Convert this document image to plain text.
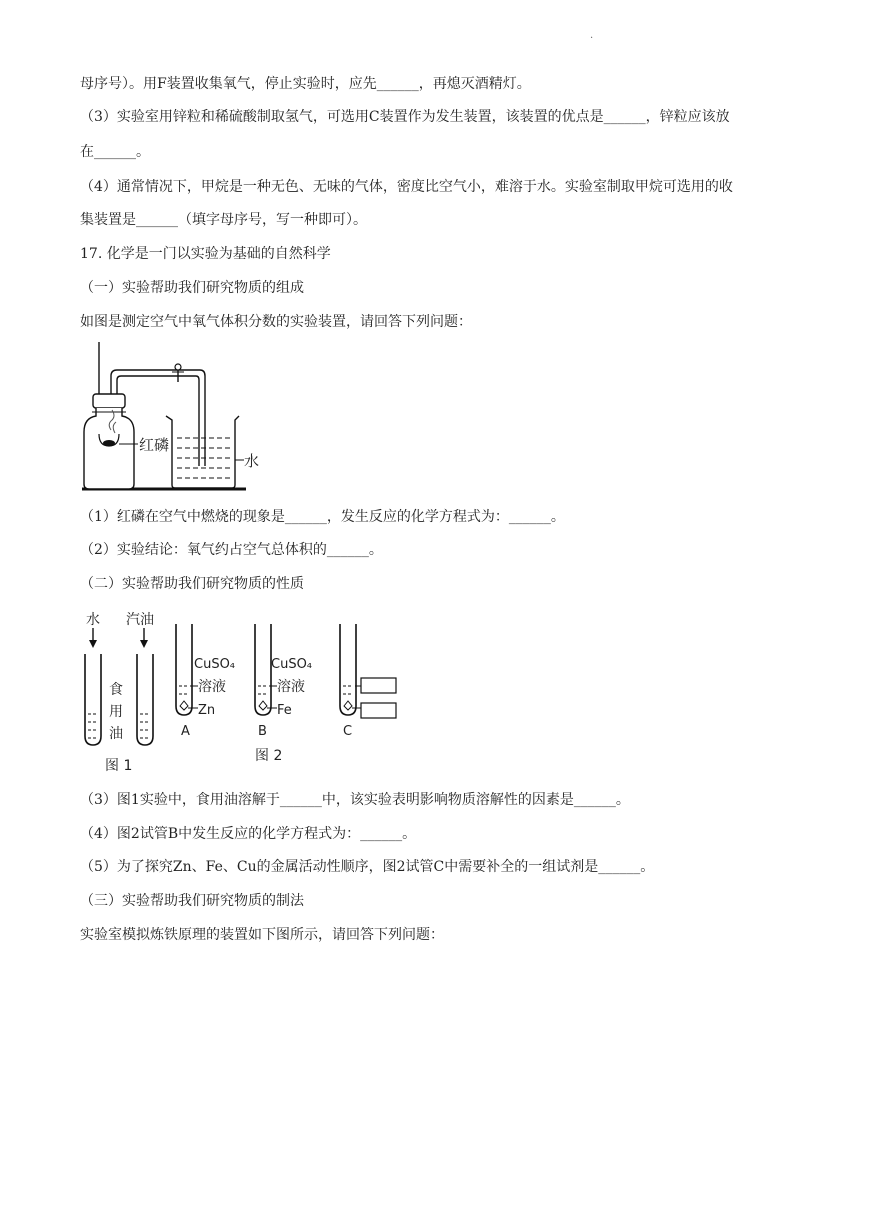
.
母序号）。用F装置收集氧气，停止实验时，应先______，再熄灭酒精灯。
（3）实验室用锌粒和稀硫酸制取氢气，可选用C装置作为发生装置，该装置的优点是______，锌粒应该放
在______。
（4）通常情况下，甲烷是一种无色、无味的气体，密度比空气小，难溶于水。实验室制取甲烷可选用的收
集装置是______（填字母序号，写一种即可）。
17. 化学是一门以实验为基础的自然科学
（一）实验帮助我们研究物质的组成
如图是测定空气中氧气体积分数的实验装置，请回答下列问题：
红磷
水
（1）红磷在空气中燃烧的现象是______，发生反应的化学方程式为：______。
（2）实验结论：氧气约占空气总体积的______。
（二）实验帮助我们研究物质的性质
水 汽油
食
用
油
图 1
CuSO₄
溶液
Zn
A
CuSO₄
溶液
Fe
B
图 2
C
（3）图1实验中，食用油溶解于______中，该实验表明影响物质溶解性的因素是______。
（4）图2试管B中发生反应的化学方程式为：______。
（5）为了探究Zn、Fe、Cu的金属活动性顺序，图2试管C中需要补全的一组试剂是______。
（三）实验帮助我们研究物质的制法
实验室模拟炼铁原理的装置如下图所示，请回答下列问题：
